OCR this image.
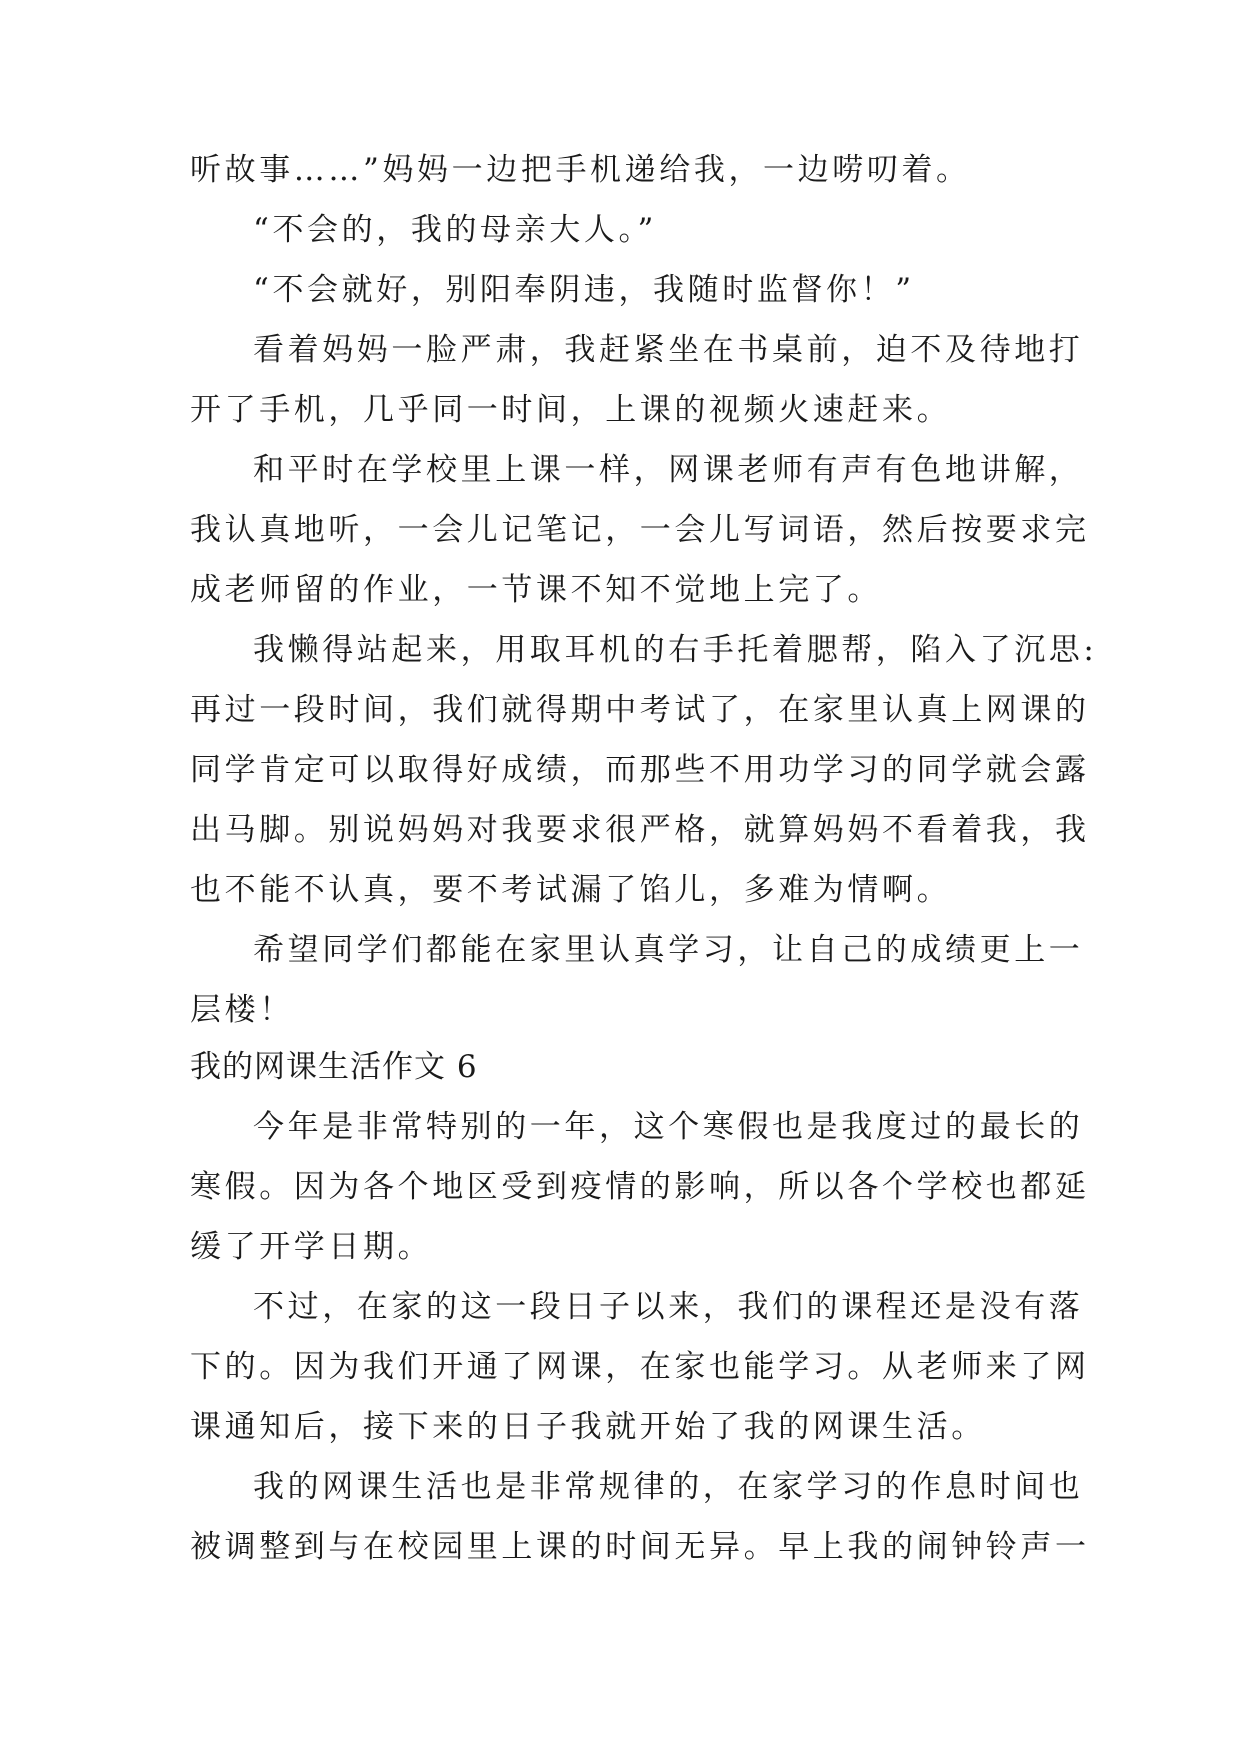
听故事……”妈妈一边把手机递给我，一边唠叨着。
“不会的，我的母亲大人。”
“不会就好，别阳奉阴违，我随时监督你！”
看着妈妈一脸严肃，我赶紧坐在书桌前，迫不及待地打
开了手机，几乎同一时间，上课的视频火速赶来。
和平时在学校里上课一样，网课老师有声有色地讲解，
我认真地听，一会儿记笔记，一会儿写词语，然后按要求完
成老师留的作业，一节课不知不觉地上完了。
我懒得站起来，用取耳机的右手托着腮帮，陷入了沉思:
再过一段时间，我们就得期中考试了，在家里认真上网课的
同学肯定可以取得好成绩，而那些不用功学习的同学就会露
出马脚。别说妈妈对我要求很严格，就算妈妈不看着我，我
也不能不认真，要不考试漏了馅儿，多难为情啊。
希望同学们都能在家里认真学习，让自己的成绩更上一
层楼！
我的网课生活作文 6
今年是非常特别的一年，这个寒假也是我度过的最长的
寒假。因为各个地区受到疫情的影响，所以各个学校也都延
缓了开学日期。
不过，在家的这一段日子以来，我们的课程还是没有落
下的。因为我们开通了网课，在家也能学习。从老师来了网
课通知后，接下来的日子我就开始了我的网课生活。
我的网课生活也是非常规律的，在家学习的作息时间也
被调整到与在校园里上课的时间无异。早上我的闹钟铃声一
